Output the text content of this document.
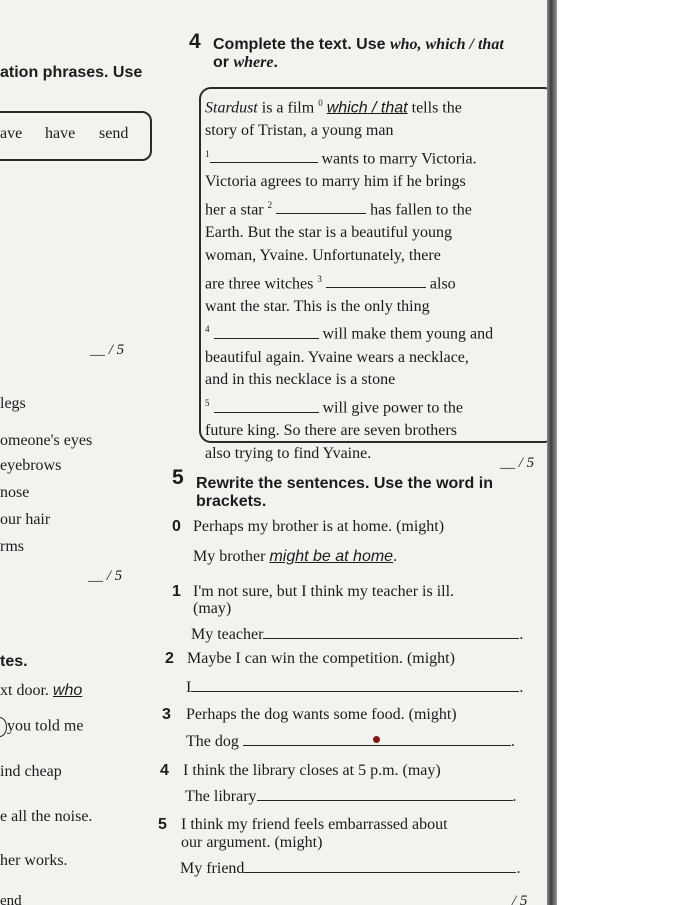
ation phrases. Use
ave have send
__ / 5
legs
omeone's eyes
eyebrows
nose
our hair
rms
__ / 5
tes.
xt door. who
you told me
ind cheap
e all the noise.
her works.
end
4 Complete the text. Use who, which / that
or where.
Stardust is a film $^0$ which / that tells the
story of Tristan, a young man
$^1$	wants to marry Victoria.
Victoria agrees to marry him if he brings
her a star $^2$	has fallen to the
Earth. But the star is a beautiful young
woman, Yvaine. Unfortunately, there
are three witches $^3$	also
want the star. This is the only thing
$^4$	will make them young and
beautiful again. Yvaine wears a necklace,
and in this necklace is a stone
$^5$	will give power to the
future king. So there are seven brothers
also trying to find Yvaine.
__ / 5
5 Rewrite the sentences. Use the word in
brackets.
0 Perhaps my brother is at home. (might)
My brother might be at home.
1 I'm not sure, but I think my teacher is ill.
(may)
My teacher	.
2 Maybe I can win the competition. (might)
I	.
3 Perhaps the dog wants some food. (might)
The dog	.
4 I think the library closes at 5 p.m. (may)
The library	.
5 I think my friend feels embarrassed about
our argument. (might)
My friend	.
/ 5
